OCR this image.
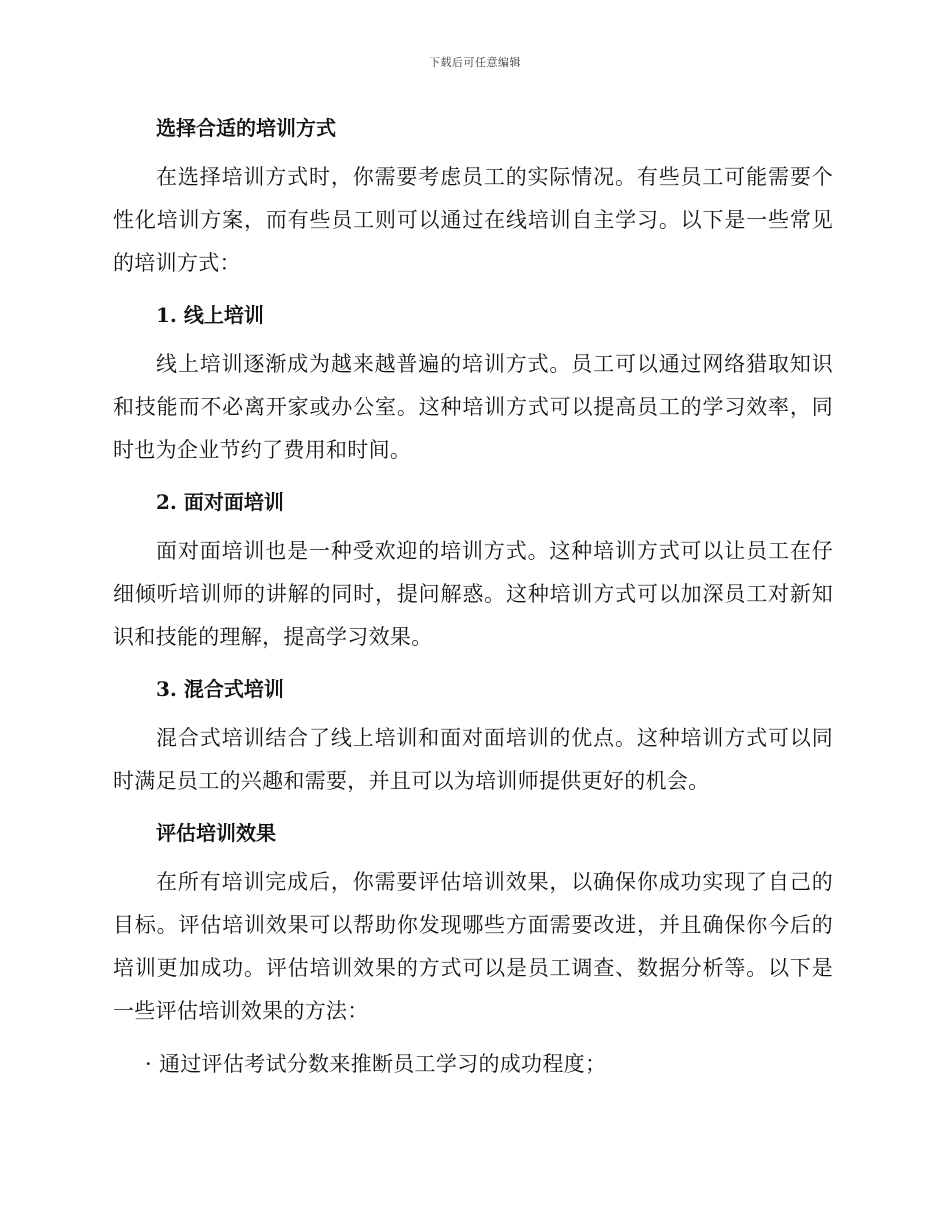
下载后可任意编辑
选择合适的培训方式

在选择培训方式时，你需要考虑员工的实际情况。有些员工可能需要个性化培训方案，而有些员工则可以通过在线培训自主学习。以下是一些常见的培训方式：

1. 线上培训

线上培训逐渐成为越来越普遍的培训方式。员工可以通过网络猎取知识和技能而不必离开家或办公室。这种培训方式可以提高员工的学习效率，同时也为企业节约了费用和时间。

2. 面对面培训

面对面培训也是一种受欢迎的培训方式。这种培训方式可以让员工在仔细倾听培训师的讲解的同时，提问解惑。这种培训方式可以加深员工对新知识和技能的理解，提高学习效果。

3. 混合式培训

混合式培训结合了线上培训和面对面培训的优点。这种培训方式可以同时满足员工的兴趣和需要，并且可以为培训师提供更好的机会。

评估培训效果

在所有培训完成后，你需要评估培训效果，以确保你成功实现了自己的目标。评估培训效果可以帮助你发现哪些方面需要改进，并且确保你今后的培训更加成功。评估培训效果的方式可以是员工调查、数据分析等。以下是一些评估培训效果的方法：

· 通过评估考试分数来推断员工学习的成功程度；
